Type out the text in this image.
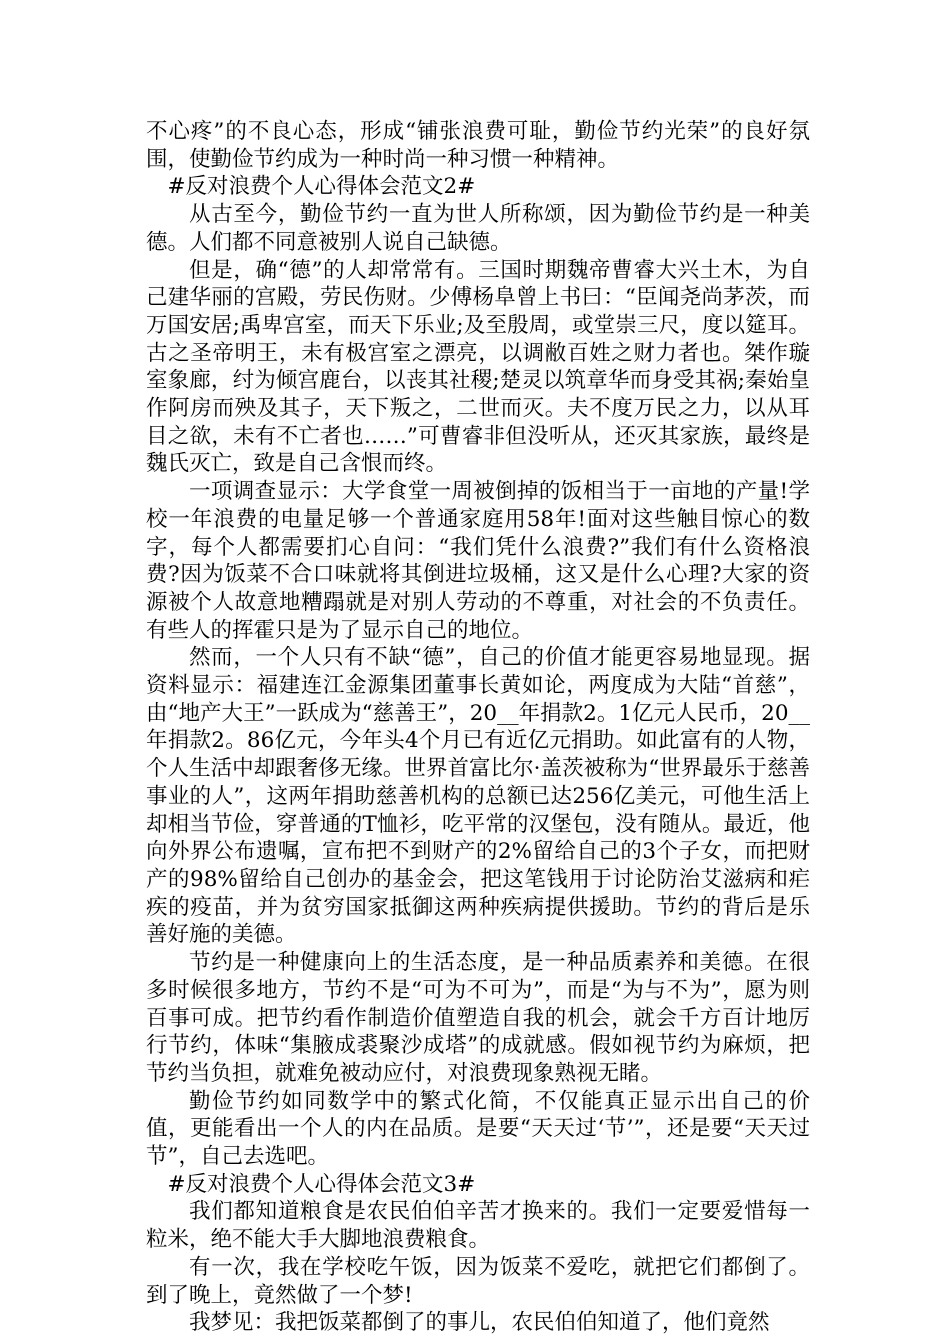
不心疼”的不良心态，形成“铺张浪费可耻，勤俭节约光荣”的良好氛围，使勤俭节约成为一种时尚一种习惯一种精神。

#反对浪费个人心得体会范文2#

从古至今，勤俭节约一直为世人所称颂，因为勤俭节约是一种美德。人们都不同意被别人说自己缺德。

但是，确“德”的人却常常有。三国时期魏帝曹睿大兴土木，为自己建华丽的宫殿，劳民伤财。少傅杨阜曾上书曰：“臣闻尧尚茅茨，而万国安居;禹卑宫室，而天下乐业;及至殷周，或堂崇三尺，度以筵耳。古之圣帝明王，未有极宫室之漂亮，以调敝百姓之财力者也。桀作璇室象廊，纣为倾宫鹿台，以丧其社稷;楚灵以筑章华而身受其祸;秦始皇作阿房而殃及其子，天下叛之，二世而灭。夫不度万民之力，以从耳目之欲，未有不亡者也……”可曹睿非但没听从，还灭其家族，最终是魏氏灭亡，致是自己含恨而终。

一项调查显示：大学食堂一周被倒掉的饭相当于一亩地的产量!学校一年浪费的电量足够一个普通家庭用58年!面对这些触目惊心的数字，每个人都需要扪心自问：“我们凭什么浪费?”我们有什么资格浪费?因为饭菜不合口味就将其倒进垃圾桶，这又是什么心理?大家的资源被个人故意地糟蹋就是对别人劳动的不尊重，对社会的不负责任。有些人的挥霍只是为了显示自己的地位。

然而，一个人只有不缺“德”，自己的价值才能更容易地显现。据资料显示：福建连江金源集团董事长黄如论，两度成为大陆“首慈”，由“地产大王”一跃成为“慈善王”，20__年捐款2。1亿元人民币，20__年捐款2。86亿元，今年头4个月已有近亿元捐助。如此富有的人物，个人生活中却跟奢侈无缘。世界首富比尔·盖茨被称为“世界最乐于慈善事业的人”，这两年捐助慈善机构的总额已达256亿美元，可他生活上却相当节俭，穿普通的T恤衫，吃平常的汉堡包，没有随从。最近，他向外界公布遗嘱，宣布把不到财产的2%留给自己的3个子女，而把财产的98%留给自己创办的基金会，把这笔钱用于讨论防治艾滋病和疟疾的疫苗，并为贫穷国家抵御这两种疾病提供援助。节约的背后是乐善好施的美德。

节约是一种健康向上的生活态度，是一种品质素养和美德。在很多时候很多地方，节约不是“可为不可为”，而是“为与不为”，愿为则百事可成。把节约看作制造价值塑造自我的机会，就会千方百计地厉行节约，体味“集腋成裘聚沙成塔”的成就感。假如视节约为麻烦，把节约当负担，就难免被动应付，对浪费现象熟视无睹。

勤俭节约如同数学中的繁式化简，不仅能真正显示出自己的价值，更能看出一个人的内在品质。是要“天天过‘节’”，还是要“天天过节”，自己去选吧。

#反对浪费个人心得体会范文3#

我们都知道粮食是农民伯伯辛苦才换来的。我们一定要爱惜每一粒米，绝不能大手大脚地浪费粮食。

有一次，我在学校吃午饭，因为饭菜不爱吃，就把它们都倒了。到了晚上，竟然做了一个梦!

我梦见：我把饭菜都倒了的事儿，农民伯伯知道了，他们竟然
